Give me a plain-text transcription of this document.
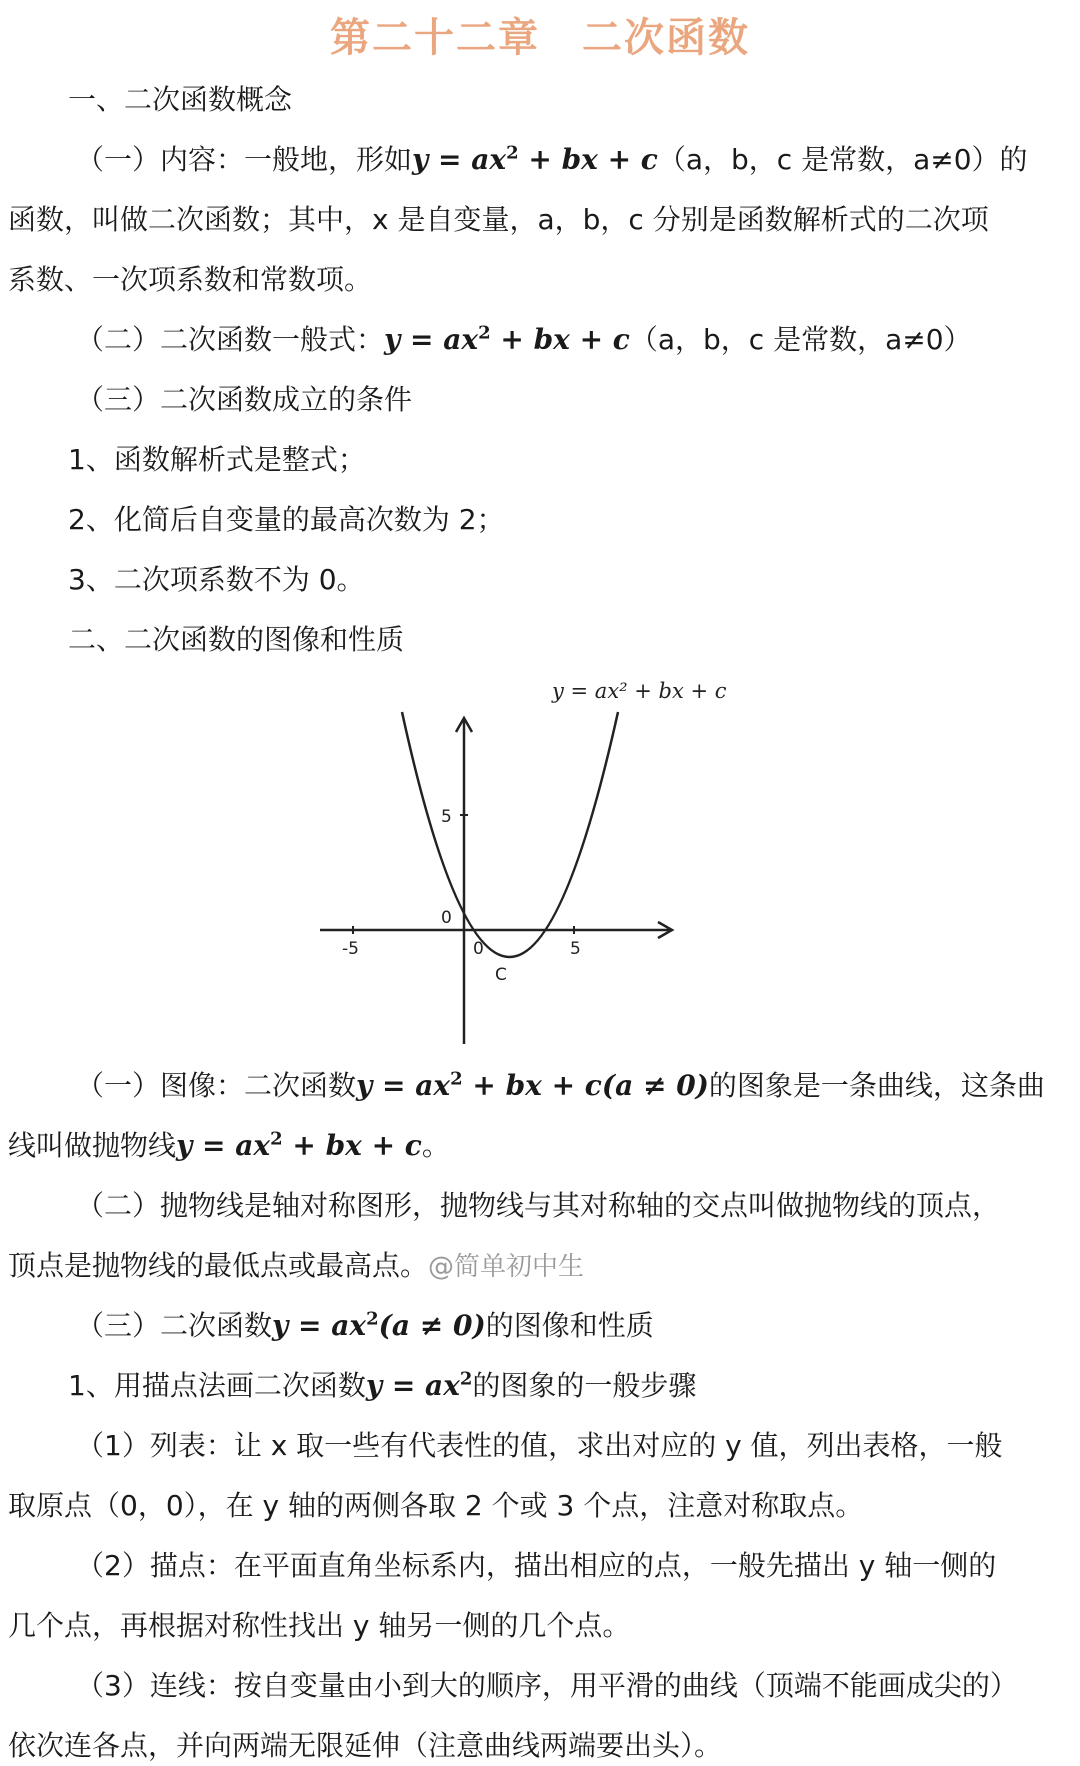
第二十二章　二次函数
一、二次函数概念
（一）内容：一般地，形如$y = ax^2$ + bx + c（a，b，c 是常数，a≠0）的
函数，叫做二次函数；其中，x 是自变量，a，b，c 分别是函数解析式的二次项
系数、一次项系数和常数项。
（二）二次函数一般式：$y = ax^2$ + bx + c（a，b，c 是常数，a≠0）
（三）二次函数成立的条件
1、函数解析式是整式；
2、化简后自变量的最高次数为 2；
3、二次项系数不为 0。
二、二次函数的图像和性质
y = ax² + bx + c
5
0
-5	0	5
C
（一）图像：二次函数$y = ax^2$ + bx + c(a ≠ 0)的图象是一条曲线，这条曲
线叫做抛物线$y = ax^2$ + bx + c。
（二）抛物线是轴对称图形，抛物线与其对称轴的交点叫做抛物线的顶点，
顶点是抛物线的最低点或最高点。@简单初中生
（三）二次函数$y = ax^2(a \ne 0)$的图像和性质
1、用描点法画二次函数$y = ax^2$的图象的一般步骤
（1）列表：让 x 取一些有代表性的值，求出对应的 y 值，列出表格，一般
取原点（0，0），在 y 轴的两侧各取 2 个或 3 个点，注意对称取点。
（2）描点：在平面直角坐标系内，描出相应的点，一般先描出 y 轴一侧的
几个点，再根据对称性找出 y 轴另一侧的几个点。
（3）连线：按自变量由小到大的顺序，用平滑的曲线（顶端不能画成尖的）
依次连各点，并向两端无限延伸（注意曲线两端要出头）。
